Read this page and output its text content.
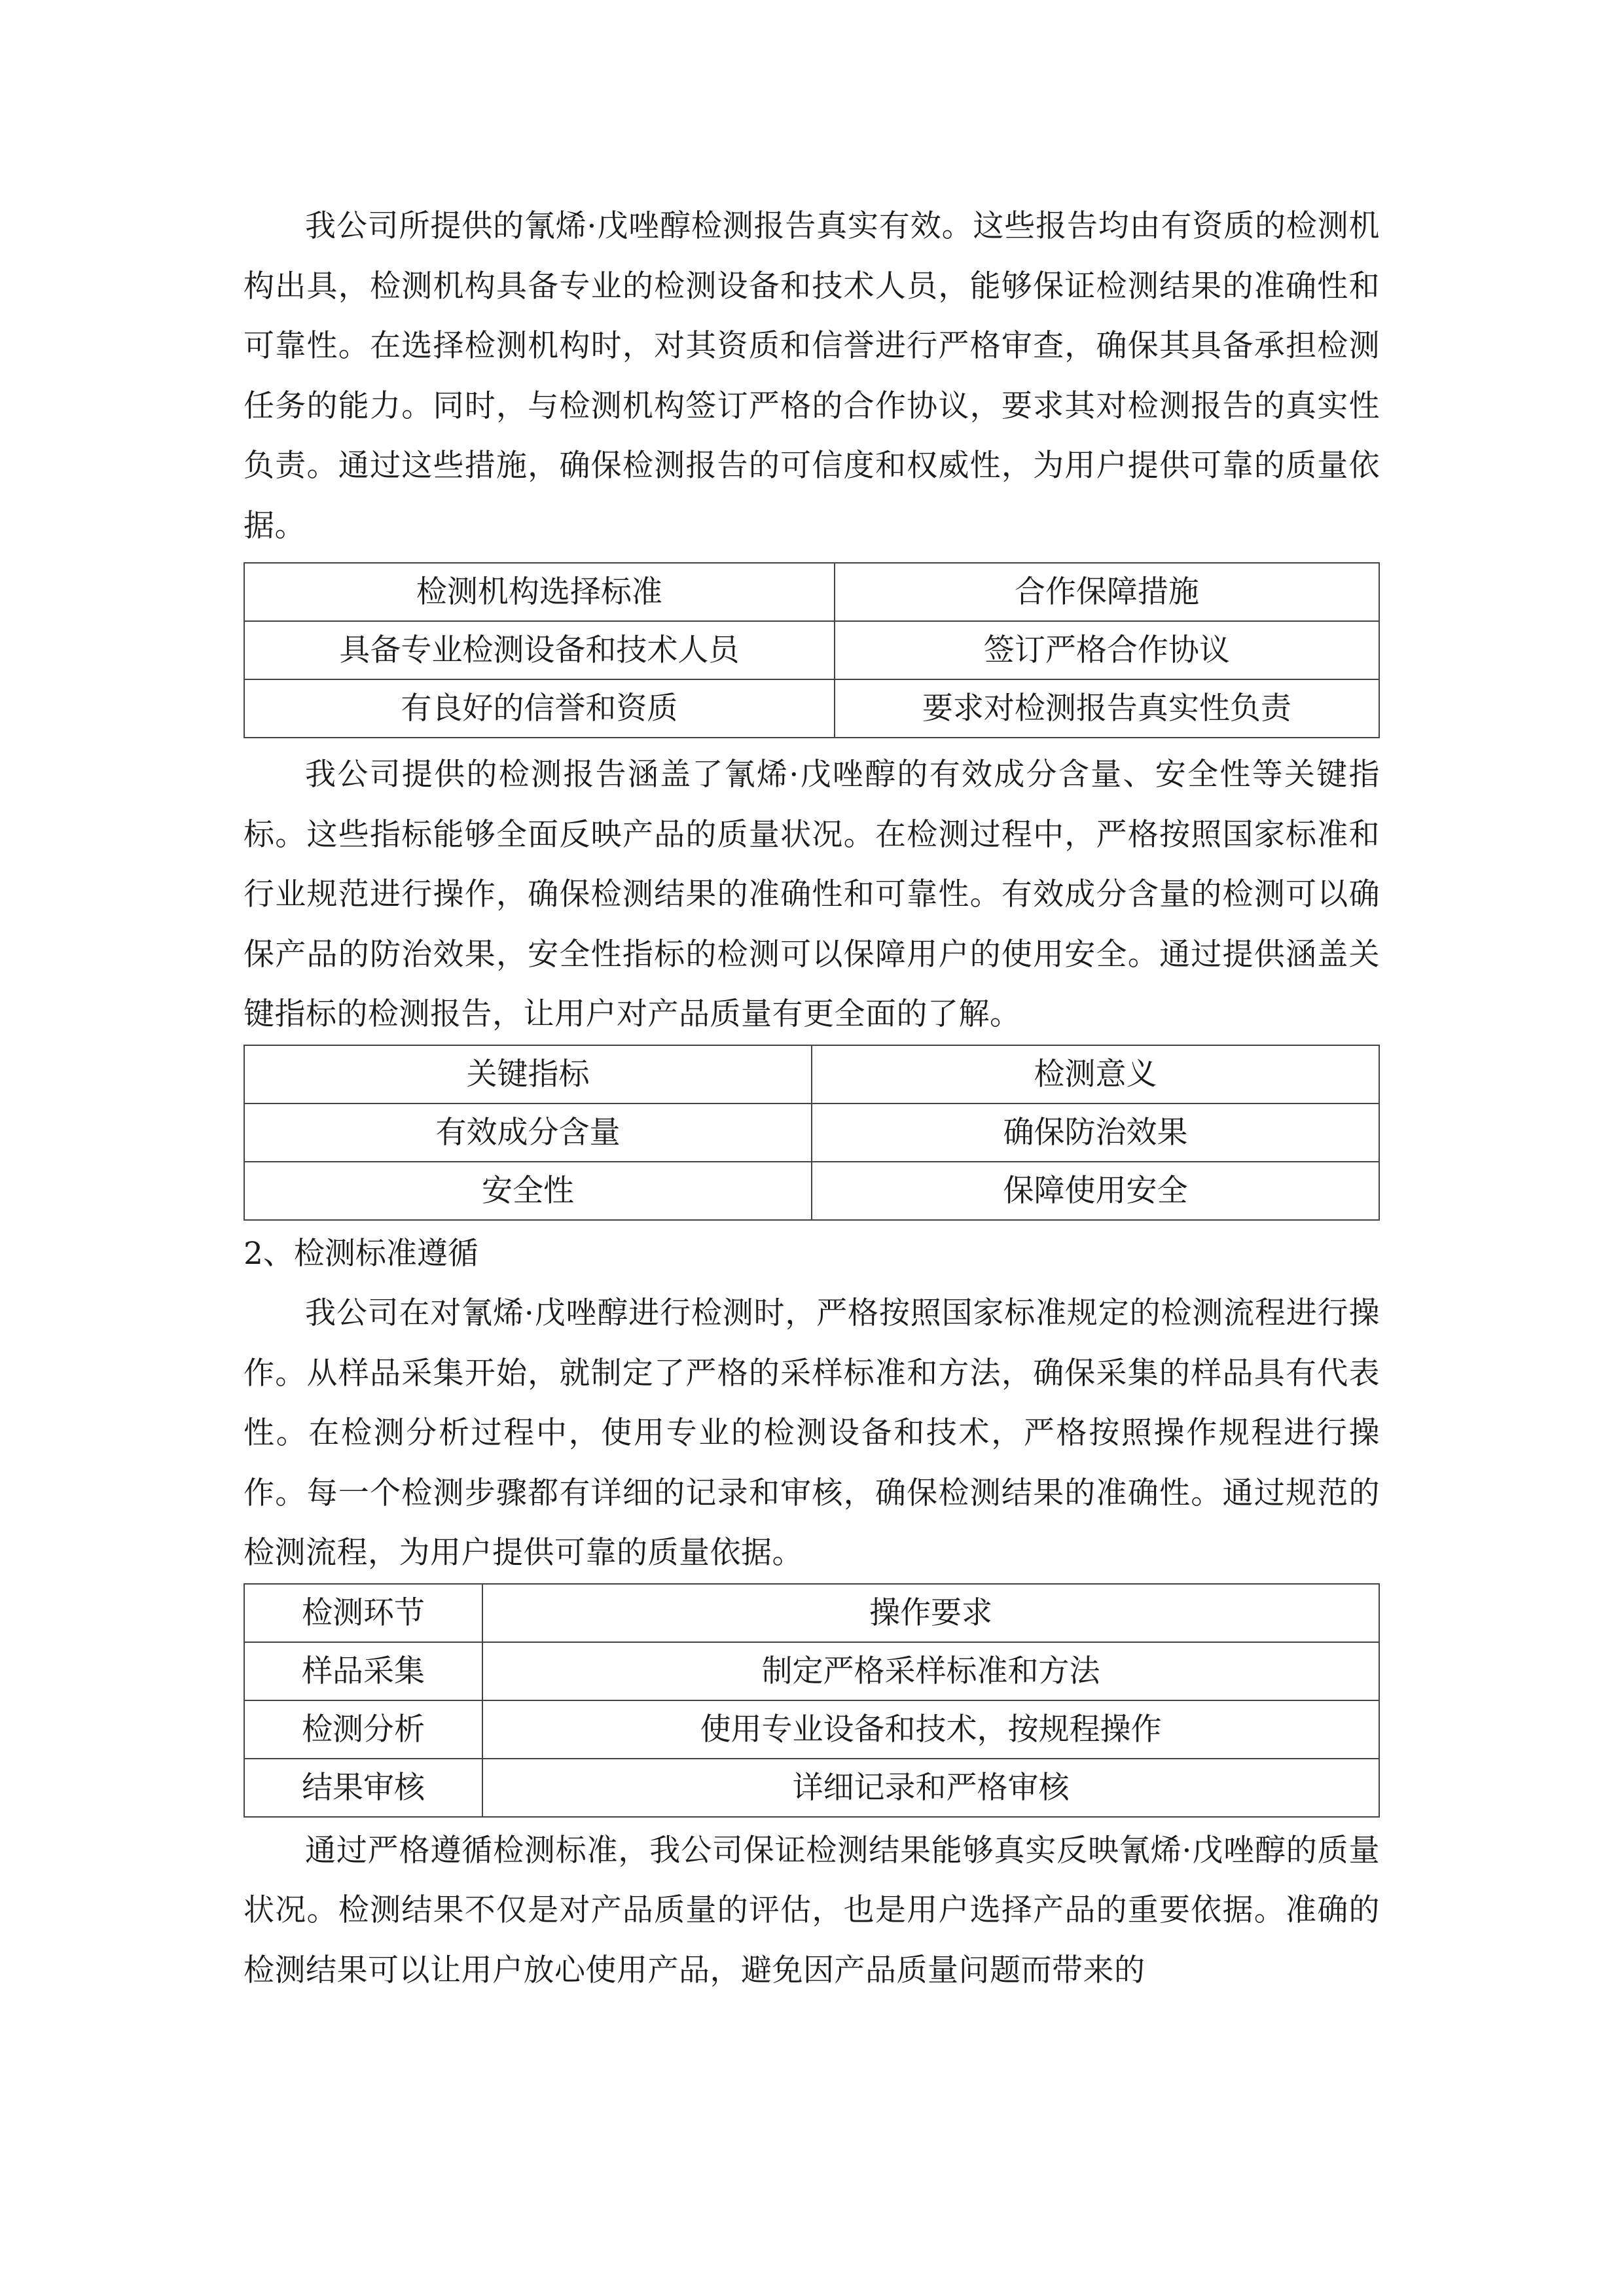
我公司所提供的氰烯·戊唑醇检测报告真实有效。这些报告均由有资质的检测机构出具，检测机构具备专业的检测设备和技术人员，能够保证检测结果的准确性和可靠性。在选择检测机构时，对其资质和信誉进行严格审查，确保其具备承担检测任务的能力。同时，与检测机构签订严格的合作协议，要求其对检测报告的真实性负责。通过这些措施，确保检测报告的可信度和权威性，为用户提供可靠的质量依据。

检测机构选择标准	合作保障措施
具备专业检测设备和技术人员	签订严格合作协议
有良好的信誉和资质	要求对检测报告真实性负责

我公司提供的检测报告涵盖了氰烯·戊唑醇的有效成分含量、安全性等关键指标。这些指标能够全面反映产品的质量状况。在检测过程中，严格按照国家标准和行业规范进行操作，确保检测结果的准确性和可靠性。有效成分含量的检测可以确保产品的防治效果，安全性指标的检测可以保障用户的使用安全。通过提供涵盖关键指标的检测报告，让用户对产品质量有更全面的了解。

关键指标	检测意义
有效成分含量	确保防治效果
安全性	保障使用安全

2、检测标准遵循

我公司在对氰烯·戊唑醇进行检测时，严格按照国家标准规定的检测流程进行操作。从样品采集开始，就制定了严格的采样标准和方法，确保采集的样品具有代表性。在检测分析过程中，使用专业的检测设备和技术，严格按照操作规程进行操作。每一个检测步骤都有详细的记录和审核，确保检测结果的准确性。通过规范的检测流程，为用户提供可靠的质量依据。

检测环节	操作要求
样品采集	制定严格采样标准和方法
检测分析	使用专业设备和技术，按规程操作
结果审核	详细记录和严格审核

通过严格遵循检测标准，我公司保证检测结果能够真实反映氰烯·戊唑醇的质量状况。检测结果不仅是对产品质量的评估，也是用户选择产品的重要依据。准确的检测结果可以让用户放心使用产品，避免因产品质量问题而带来的
